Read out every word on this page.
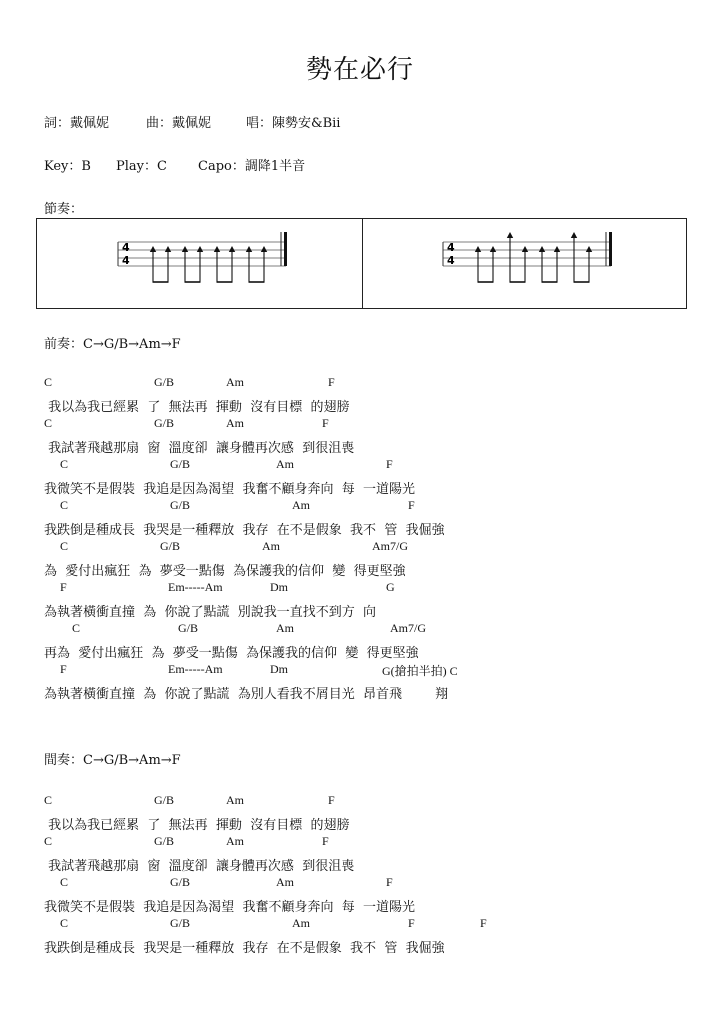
勢在必行
詞：戴佩妮	曲：戴佩妮	唱：陳勢安&Bii
Key：B Play：C Capo：調降1半音
節奏：
4
4
4
4
前奏：C→G/B→Am→F
C	G/B	Am	F
我以為我已經累  了  無法再  揮動  沒有目標  的翅膀
C	G/B	Am	F
我試著飛越那扇  窗  溫度卻  讓身體再次感  到很沮喪
C	G/B	Am	F
我微笑不是假裝  我追是因為渴望  我奮不顧身奔向  每  一道陽光
C	G/B	Am	F
我跌倒是種成長  我哭是一種釋放  我存  在不是假象  我不  管  我倔強
C	G/B	Am	Am7/G
為  愛付出瘋狂  為  夢受一點傷  為保護我的信仰  變  得更堅強
F	Em-----Am	Dm	G
為執著橫衝直撞  為  你說了點謊  別說我一直找不到方  向
C	G/B	Am	Am7/G
再為  愛付出瘋狂  為  夢受一點傷  為保護我的信仰  變  得更堅強
F	Em-----Am	Dm	G(搶拍半拍) C
為執著橫衝直撞  為  你說了點謊  為別人看我不屑目光  昂首飛        翔
間奏：C→G/B→Am→F
C	G/B	Am	F
我以為我已經累  了  無法再  揮動  沒有目標  的翅膀
C	G/B	Am	F
我試著飛越那扇  窗  溫度卻  讓身體再次感  到很沮喪
C	G/B	Am	F
我微笑不是假裝  我追是因為渴望  我奮不顧身奔向  每  一道陽光
C	G/B	Am	F	F
我跌倒是種成長  我哭是一種釋放  我存  在不是假象  我不  管  我倔強
